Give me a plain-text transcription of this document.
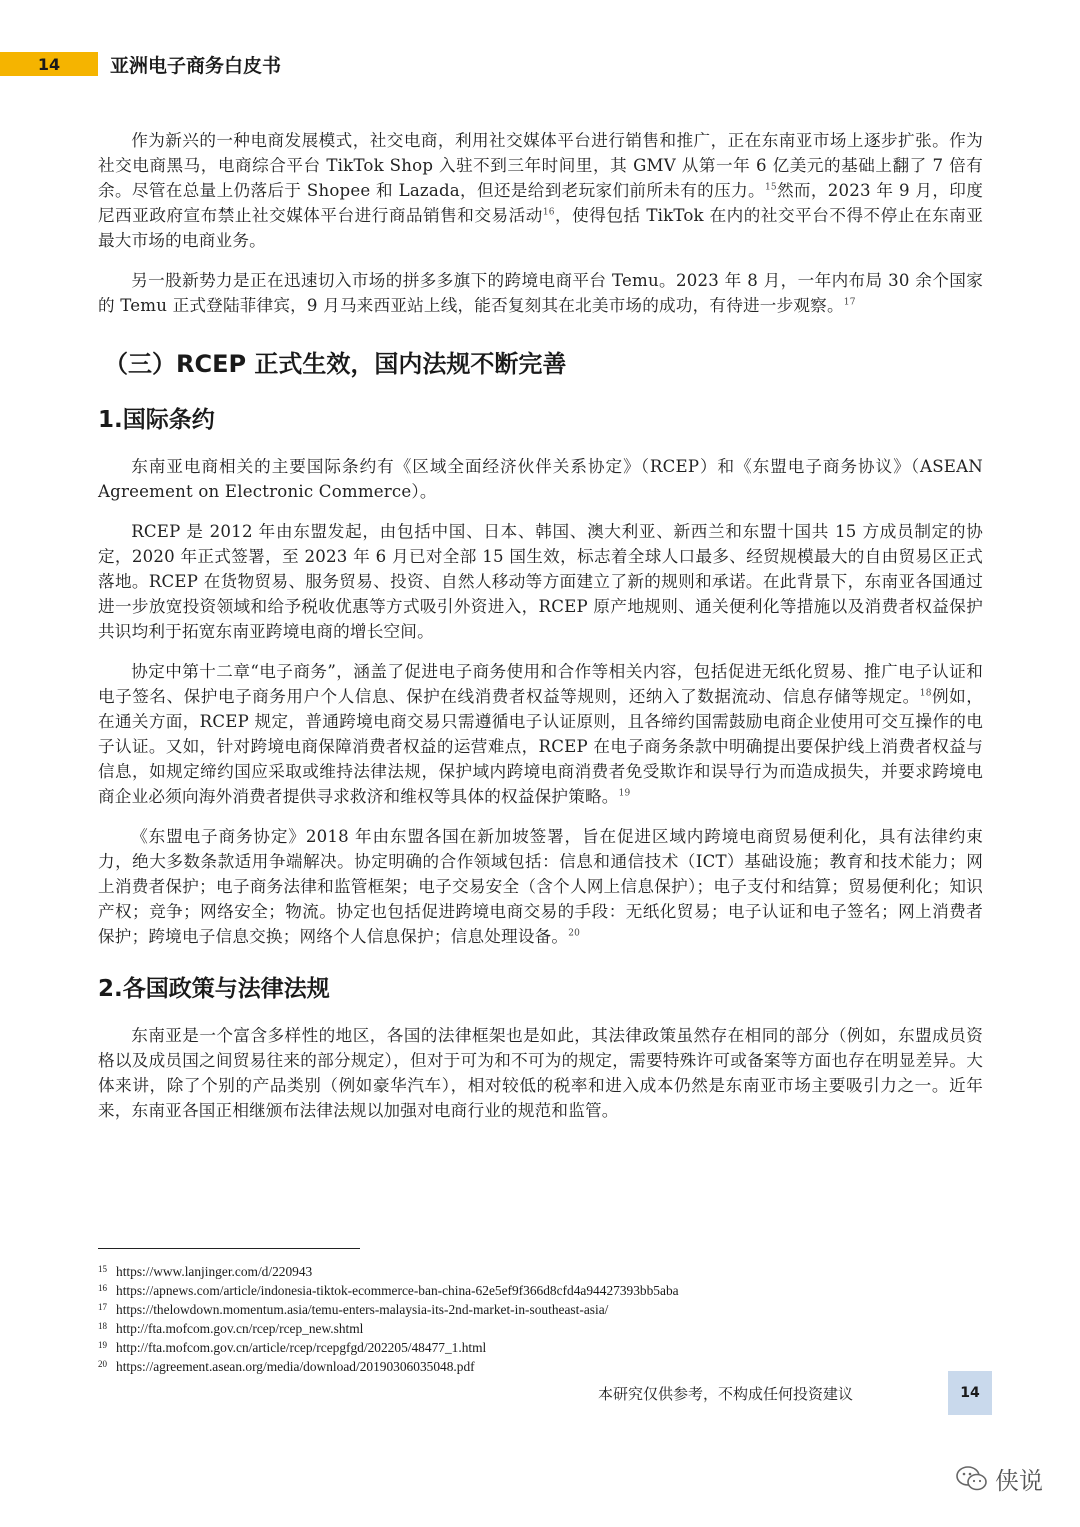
14	亚洲电子商务白皮书

作为新兴的一种电商发展模式，社交电商，利用社交媒体平台进行销售和推广，正在东南亚市场上逐步扩张。作为社交电商黑马，电商综合平台 TikTok Shop 入驻不到三年时间里，其 GMV 从第一年 6 亿美元的基础上翻了 7 倍有余。尽管在总量上仍落后于 Shopee 和 Lazada，但还是给到老玩家们前所未有的压力。$^{15}$然而，2023 年 9 月，印度尼西亚政府宣布禁止社交媒体平台进行商品销售和交易活动$^{16}$，使得包括 TikTok 在内的社交平台不得不停止在东南亚最大市场的电商业务。

另一股新势力是正在迅速切入市场的拼多多旗下的跨境电商平台 Temu。2023 年 8 月，一年内布局 30 余个国家的 Temu 正式登陆菲律宾，9 月马来西亚站上线，能否复刻其在北美市场的成功，有待进一步观察。$^{17}$

（三）RCEP 正式生效，国内法规不断完善
1.国际条约

东南亚电商相关的主要国际条约有《区域全面经济伙伴关系协定》（RCEP）和《东盟电子商务协议》（ASEAN Agreement on Electronic Commerce）。

RCEP 是 2012 年由东盟发起，由包括中国、日本、韩国、澳大利亚、新西兰和东盟十国共 15 方成员制定的协定，2020 年正式签署，至 2023 年 6 月已对全部 15 国生效，标志着全球人口最多、经贸规模最大的自由贸易区正式落地。RCEP 在货物贸易、服务贸易、投资、自然人移动等方面建立了新的规则和承诺。在此背景下，东南亚各国通过进一步放宽投资领域和给予税收优惠等方式吸引外资进入，RCEP 原产地规则、通关便利化等措施以及消费者权益保护共识均利于拓宽东南亚跨境电商的增长空间。

协定中第十二章“电子商务”，涵盖了促进电子商务使用和合作等相关内容，包括促进无纸化贸易、推广电子认证和电子签名、保护电子商务用户个人信息、保护在线消费者权益等规则，还纳入了数据流动、信息存储等规定。$^{18}$例如，在通关方面，RCEP 规定，普通跨境电商交易只需遵循电子认证原则，且各缔约国需鼓励电商企业使用可交互操作的电子认证。又如，针对跨境电商保障消费者权益的运营难点，RCEP 在电子商务条款中明确提出要保护线上消费者权益与信息，如规定缔约国应采取或维持法律法规，保护域内跨境电商消费者免受欺诈和误导行为而造成损失，并要求跨境电商企业必须向海外消费者提供寻求救济和维权等具体的权益保护策略。$^{19}$

《东盟电子商务协定》2018 年由东盟各国在新加坡签署，旨在促进区域内跨境电商贸易便利化，具有法律约束力，绝大多数条款适用争端解决。协定明确的合作领域包括：信息和通信技术（ICT）基础设施；教育和技术能力；网上消费者保护；电子商务法律和监管框架；电子交易安全（含个人网上信息保护）；电子支付和结算；贸易便利化；知识产权；竞争；网络安全；物流。协定也包括促进跨境电商交易的手段：无纸化贸易；电子认证和电子签名；网上消费者保护；跨境电子信息交换；网络个人信息保护；信息处理设备。$^{20}$

2.各国政策与法律法规

东南亚是一个富含多样性的地区，各国的法律框架也是如此，其法律政策虽然存在相同的部分（例如，东盟成员资格以及成员国之间贸易往来的部分规定），但对于可为和不可为的规定，需要特殊许可或备案等方面也存在明显差异。大体来讲，除了个别的产品类别（例如豪华汽车），相对较低的税率和进入成本仍然是东南亚市场主要吸引力之一。近年来，东南亚各国正相继颁布法律法规以加强对电商行业的规范和监管。

15 https://www.lanjinger.com/d/220943
16 https://apnews.com/article/indonesia-tiktok-ecommerce-ban-china-62e5ef9f366d8cfd4a94427393bb5aba
17 https://thelowdown.momentum.asia/temu-enters-malaysia-its-2nd-market-in-southeast-asia/
18 http://fta.mofcom.gov.cn/rcep/rcep_new.shtml
19 http://fta.mofcom.gov.cn/article/rcep/rcepgfgd/202205/48477_1.html
20 https://agreement.asean.org/media/download/20190306035048.pdf
本研究仅供参考，不构成任何投资建议	14
侠说
